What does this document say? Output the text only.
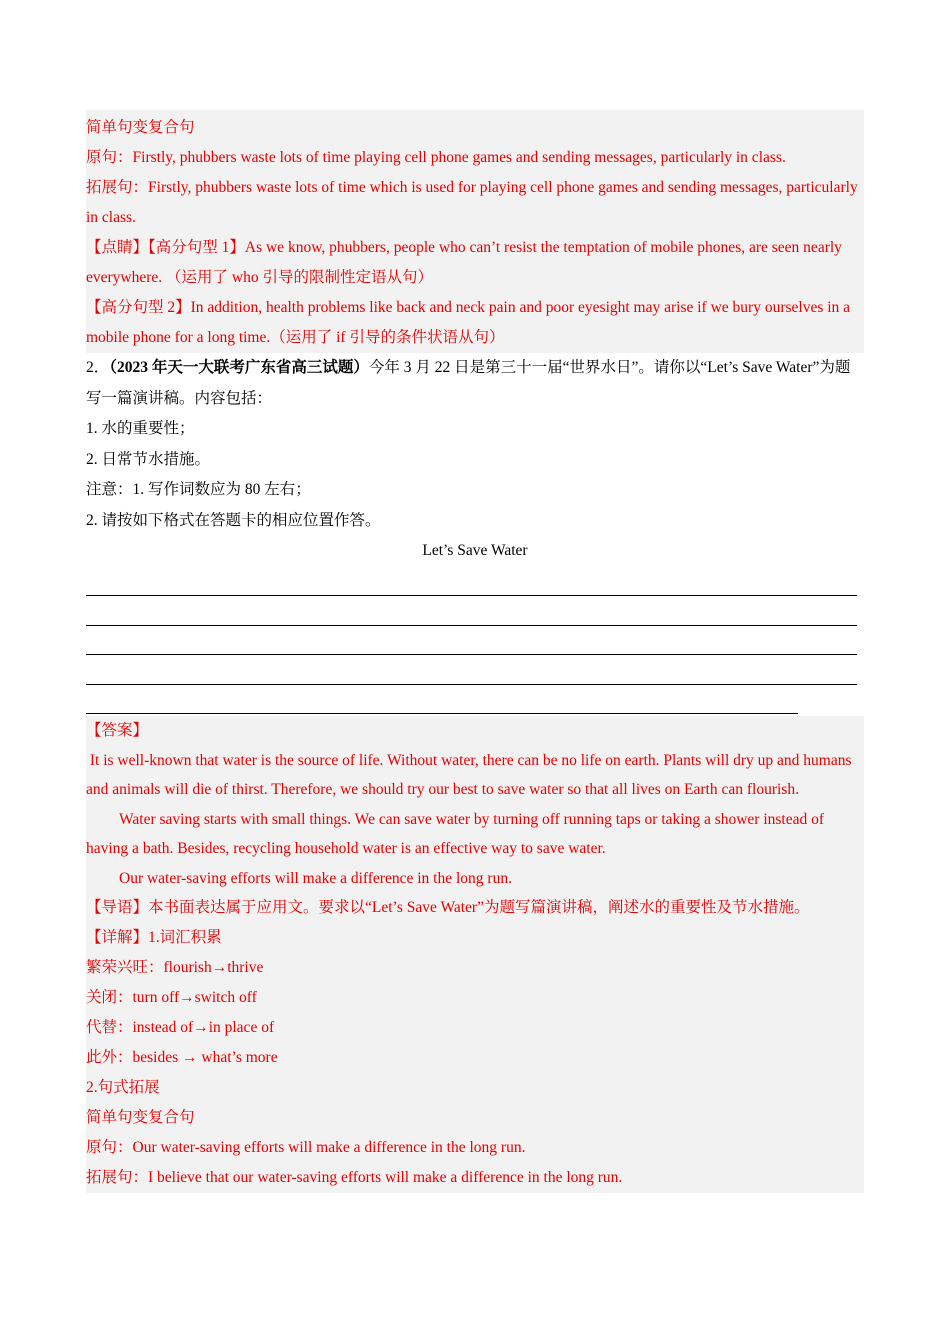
简单句变复合句

原句：Firstly, phubbers waste lots of time playing cell phone games and sending messages, particularly in class.

拓展句：Firstly, phubbers waste lots of time which is used for playing cell phone games and sending messages, particularly in class.

【点睛】【高分句型 1】As we know, phubbers, people who can’t resist the temptation of mobile phones, are seen nearly everywhere. （运用了 who 引导的限制性定语从句）

【高分句型 2】In addition, health problems like back and neck pain and poor eyesight may arise if we bury ourselves in a mobile phone for a long time.（运用了 if 引导的条件状语从句）

2．（2023 年天一大联考广东省高三试题）今年 3 月 22 日是第三十一届“世界水日”。请你以“Let’s Save Water”为题写一篇演讲稿。内容包括：

1. 水的重要性；

2. 日常节水措施。

注意：1. 写作词数应为 80 左右；

2. 请按如下格式在答题卡的相应位置作答。

Let’s Save Water

【答案】

It is well-known that water is the source of life. Without water, there can be no life on earth. Plants will dry up and humans and animals will die of thirst. Therefore, we should try our best to save water so that all lives on Earth can flourish.

Water saving starts with small things. We can save water by turning off running taps or taking a shower instead of having a bath. Besides, recycling household water is an effective way to save water.

Our water-saving efforts will make a difference in the long run.

【导语】本书面表达属于应用文。要求以“Let’s Save Water”为题写篇演讲稿，阐述水的重要性及节水措施。

【详解】1.词汇积累

繁荣兴旺：flourish→thrive

关闭：turn off→switch off

代替：instead of→in place of

此外：besides → what’s more

2.句式拓展

简单句变复合句

原句：Our water-saving efforts will make a difference in the long run.

拓展句：I believe that our water-saving efforts will make a difference in the long run.
